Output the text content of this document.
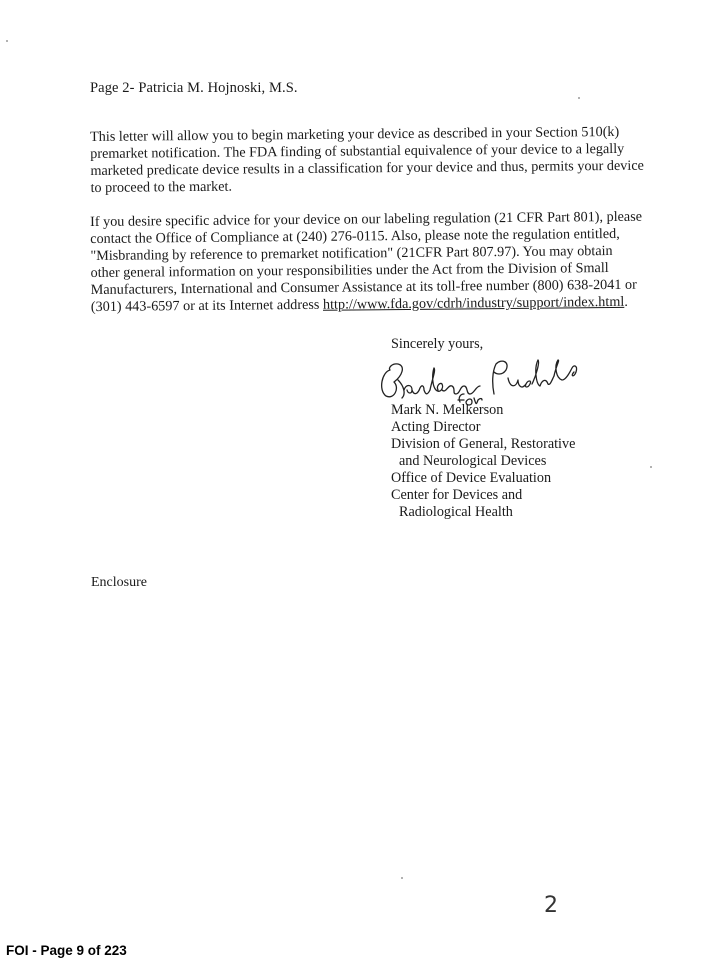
Page 2- Patricia M. Hojnoski, M.S.
This letter will allow you to begin marketing your device as described in your Section 510(k)
premarket notification. The FDA finding of substantial equivalence of your device to a legally
marketed predicate device results in a classification for your device and thus, permits your device
to proceed to the market.
If you desire specific advice for your device on our labeling regulation (21 CFR Part 801), please
contact the Office of Compliance at (240) 276-0115. Also, please note the regulation entitled,
"Misbranding by reference to premarket notification" (21CFR Part 807.97). You may obtain
other general information on your responsibilities under the Act from the Division of Small
Manufacturers, International and Consumer Assistance at its toll-free number (800) 638-2041 or
(301) 443-6597 or at its Internet address http://www.fda.gov/cdrh/industry/support/index.html.
Sincerely yours,
Mark N. Melkerson
Acting Director
Division of General, Restorative
and Neurological Devices
Office of Device Evaluation
Center for Devices and
Radiological Health
Enclosure
2
FOI - Page 9 of 223
